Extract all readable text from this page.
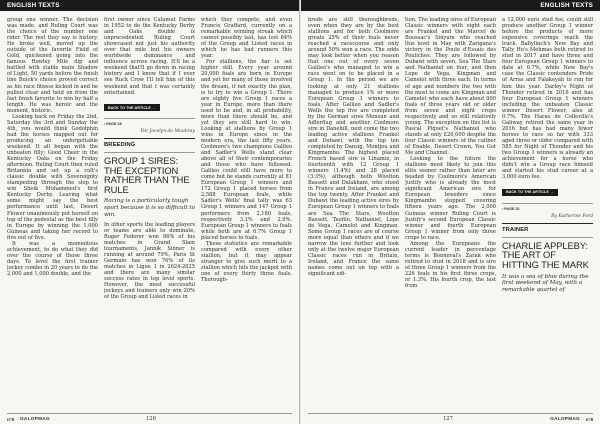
ENGLISH TEXTS

group one winner. The decision was made, and Ruling Court was the choice of the number one rider. The rest they say is history. He broke well, moved up the outside of the favorite Field of Gold, quickened going into the famous Rowley Mile dip and battled with stable mate Shadow of Light, 50 yards before the finish line Buick's choice proved correct as his race fitness kicked in and he pulled clear and held on from the fast finish favorite to win by half a length. He was heroic and the moment, historic.

Looking back on Friday the 2nd, Saturday the 3rd and Sunday the 4th, you would think Godolphin had the horses mapped out for producing an unforgettable weekend. It all began with the unbeaten filly; Good Cheer in the Kentucky Oaks on the Friday afternoon. Ruling Court then ruled Britannia and set up a colt's classic double with Sovereignty stampeding through the slop to win Sheik Mohammed's first Kentucky Derby. Leaving what some might say the best performance until last, Desert Flower unanimously put herself on top of the pedestal as the best filly in Europe by winning the 1,000 Guineas and taking her record to five out of five.

It was a momentous achievement, to do what they did over the course of those three days. To level the first trainer jockey combo in 20 years to do the 2,000 and 1,000 double, and the

first owner since Calumut Farms in 1952 to do the Kentucky Derby and Oaks double is unprecedented. Ruling Court showcased not just his authority over that mile but his owners worldwide dominance and influence across racing. It'll be a weekend that'll go down in racing history and I know that if I ever see Ruck Crow I'll tell him of this weekend and that I was certainly entertained.

BACK TO THE ARTICLE →
› PAGE 18
Par Jocelyn de Moubray
BREEDING
GROUP 1 SIRES: THE EXCEPTION RATHER THAN THE RULE
Racing is a particularly tough sport because it is so difficult to win.

In other sports the leading players or teams are able to dominate, Roger Federer won 86% of his matches in Grand Slam tournaments, Jannik Sinner is running at around 79%, Paris St Germain has won 76% of its matches in Ligue 1 in 2024-2025 and there are many similar success rates in top level sports. However, the most successful jockeys and trainers only win 20% of the Group and Listed races in

which they compete, and even Francis Graffard, currently on a remarkable winning streak which cannot possibly last, has lost 64% of the Group and Listed races in which he has had runners this year.

For stallions, the bar is set higher still. Every year around 20,000 foals are born in Europe and yet for many of those involved the dream, if not exactly the plan, is to try to win a Group 1. There are eighty five Group 1 races a year in Europe, more than there used to be and, in all probability, more than there should be, and yet they are still hard to win. Looking at stallions by Group 1 wins in Europe since in the modern era, the last fifty years, Coolmore's two champions Galileo and Sadler's Wells stand clear above all of their contemporaries and those who have followed. Galileo could still have more to come but he stands currently at 81 European Group 1 winners and 172 Group 1 placed horses from 2,588 European foals, while Sadler's Wells' final tally was 63 Group 1 winners and 147 Group 1 performers from 2,180 foals, respectively 3.1% and 2.9%. European Group 1 winners to foals while both are at 6.7% Group 1 placed horses to foals.

These statistics are remarkable compared with every other stallion, but it may appear stranger to give such merit to a stallion which hits the jackpot with one of every thirty three foals. Thorough-

n°9 GALOPMAG	126
ENGLISH TEXTS

breds are still thoroughbreds, even when they are by the best stallions and for both Coolmore greats 25% of their foals never reached a racecourse and only around 50% won a race. The odds may look better when you reason that one out of every seven Galileo's who managed to win a race went on to be placed in a Group 1. In the period we are looking at only 21 stallions managed to produce 1% or more European Group 1 winners to foals. After Galileo and Sadler's Wells the top five are completed by the German sires Monsun and Adlerflug and another Coolmore sire in Danehill, next come the two leading active stallions Frankel and Dubawi, with the top ten completed by Dansig, Montjeu and Kingmambo. The highest placed French based sire is Linamix, in fourteenth with 12 Group 1 winners (1.4%) and 28 placed (3.3%), although both Wootton Bassett and Dalakhani, who stood in France and Ireland, are among the top twenty. After Frankel and Dubawi the leading active sires by European Group 1 winners to foals are Sea The Stars, Wootton Bassett, Teofilo, Nathaniel, Lope de Vega, Camelot and Kingman. Some Group 1 races are of course more equal than others and if we narrow the lens further and look only at the twelve major European Classic races run in Britain, Ireland, and France the same names come out on top with a significant edi-

tion. The leading sires of European Classic winners with eight each are Frankel and the Marcel de Boussac's Sinyum who reached this level in May with Zarigana's victory in the Poule d'Essais des Pouliches. They are followed by Dubawi with seven, Sea The Stars and Nathaniel on four, and then Lope de Vega, Kingman and Camelot with three each. In terms of age and numbers the two with the most to come are Kingman and Camelot who each have about 900 foals of three years old or older from seven and eight crops respectively and so still relatively young. The exception on this list is Pascal Piquet's Nathaniel who stands at only £20,000 despite the four Classic winners of the caliber of Enable, Desert Crown, You Got Me and Channel.

Looking to the future the stallions most likely to join this elite sooner rather than later are headed by Coolmore's American Justify who is already the most significant American sire for European breeders since Kingmambo stopped covering fifteen years ago. The 2,000 Guineas winner Ruling Court is Justify's second European Classic winner and fourth European Group 1 winner from only three crops to race.

Among the Europeans the current leader in percentage terms is Bonneval's Zarak who retired to stud in 2018 and is sire of three Group 1 winners from the 226 foals in his first three crops, or 1.3%. His fourth crop, the last from

a 12,000 euro stud fee, could still produce another Group 1 winner before the products of more expensive coverings reach the track. Ballylinch's New Bay and Tally Ho's Mehmas both retired to stud in 2017 and have three and four European Group 1 winners to date at 0.7%, while New Bay's case the Classic contenders Pride of Arras and Falakeyah to run for him this year. Darley's Night of Thunder retired in 2016 and has four European Group 1 winners including the unbeaten Classic winner Desert Flower, also at 0.7%. The Haras de Colleville's Galiway retired the same year in 2016 but has had many fewer horses to race so far with 333 aged three or older compared with 585 for Night of Thunder and his two Group 1 winners is already an achievement for a horse who didn't win a Group race himself and started his stud career at a 3,000 euro fee.

BACK TO THE ARTICLE →
› PAGE 32
By Katherine Ford
TRAINER
CHARLIE APPLEBY: THE ART OF HITTING THE MARK
It was a sea of blue during the first weekend of May, with a remarkable quartet of
127	GALOPMAG n°9
